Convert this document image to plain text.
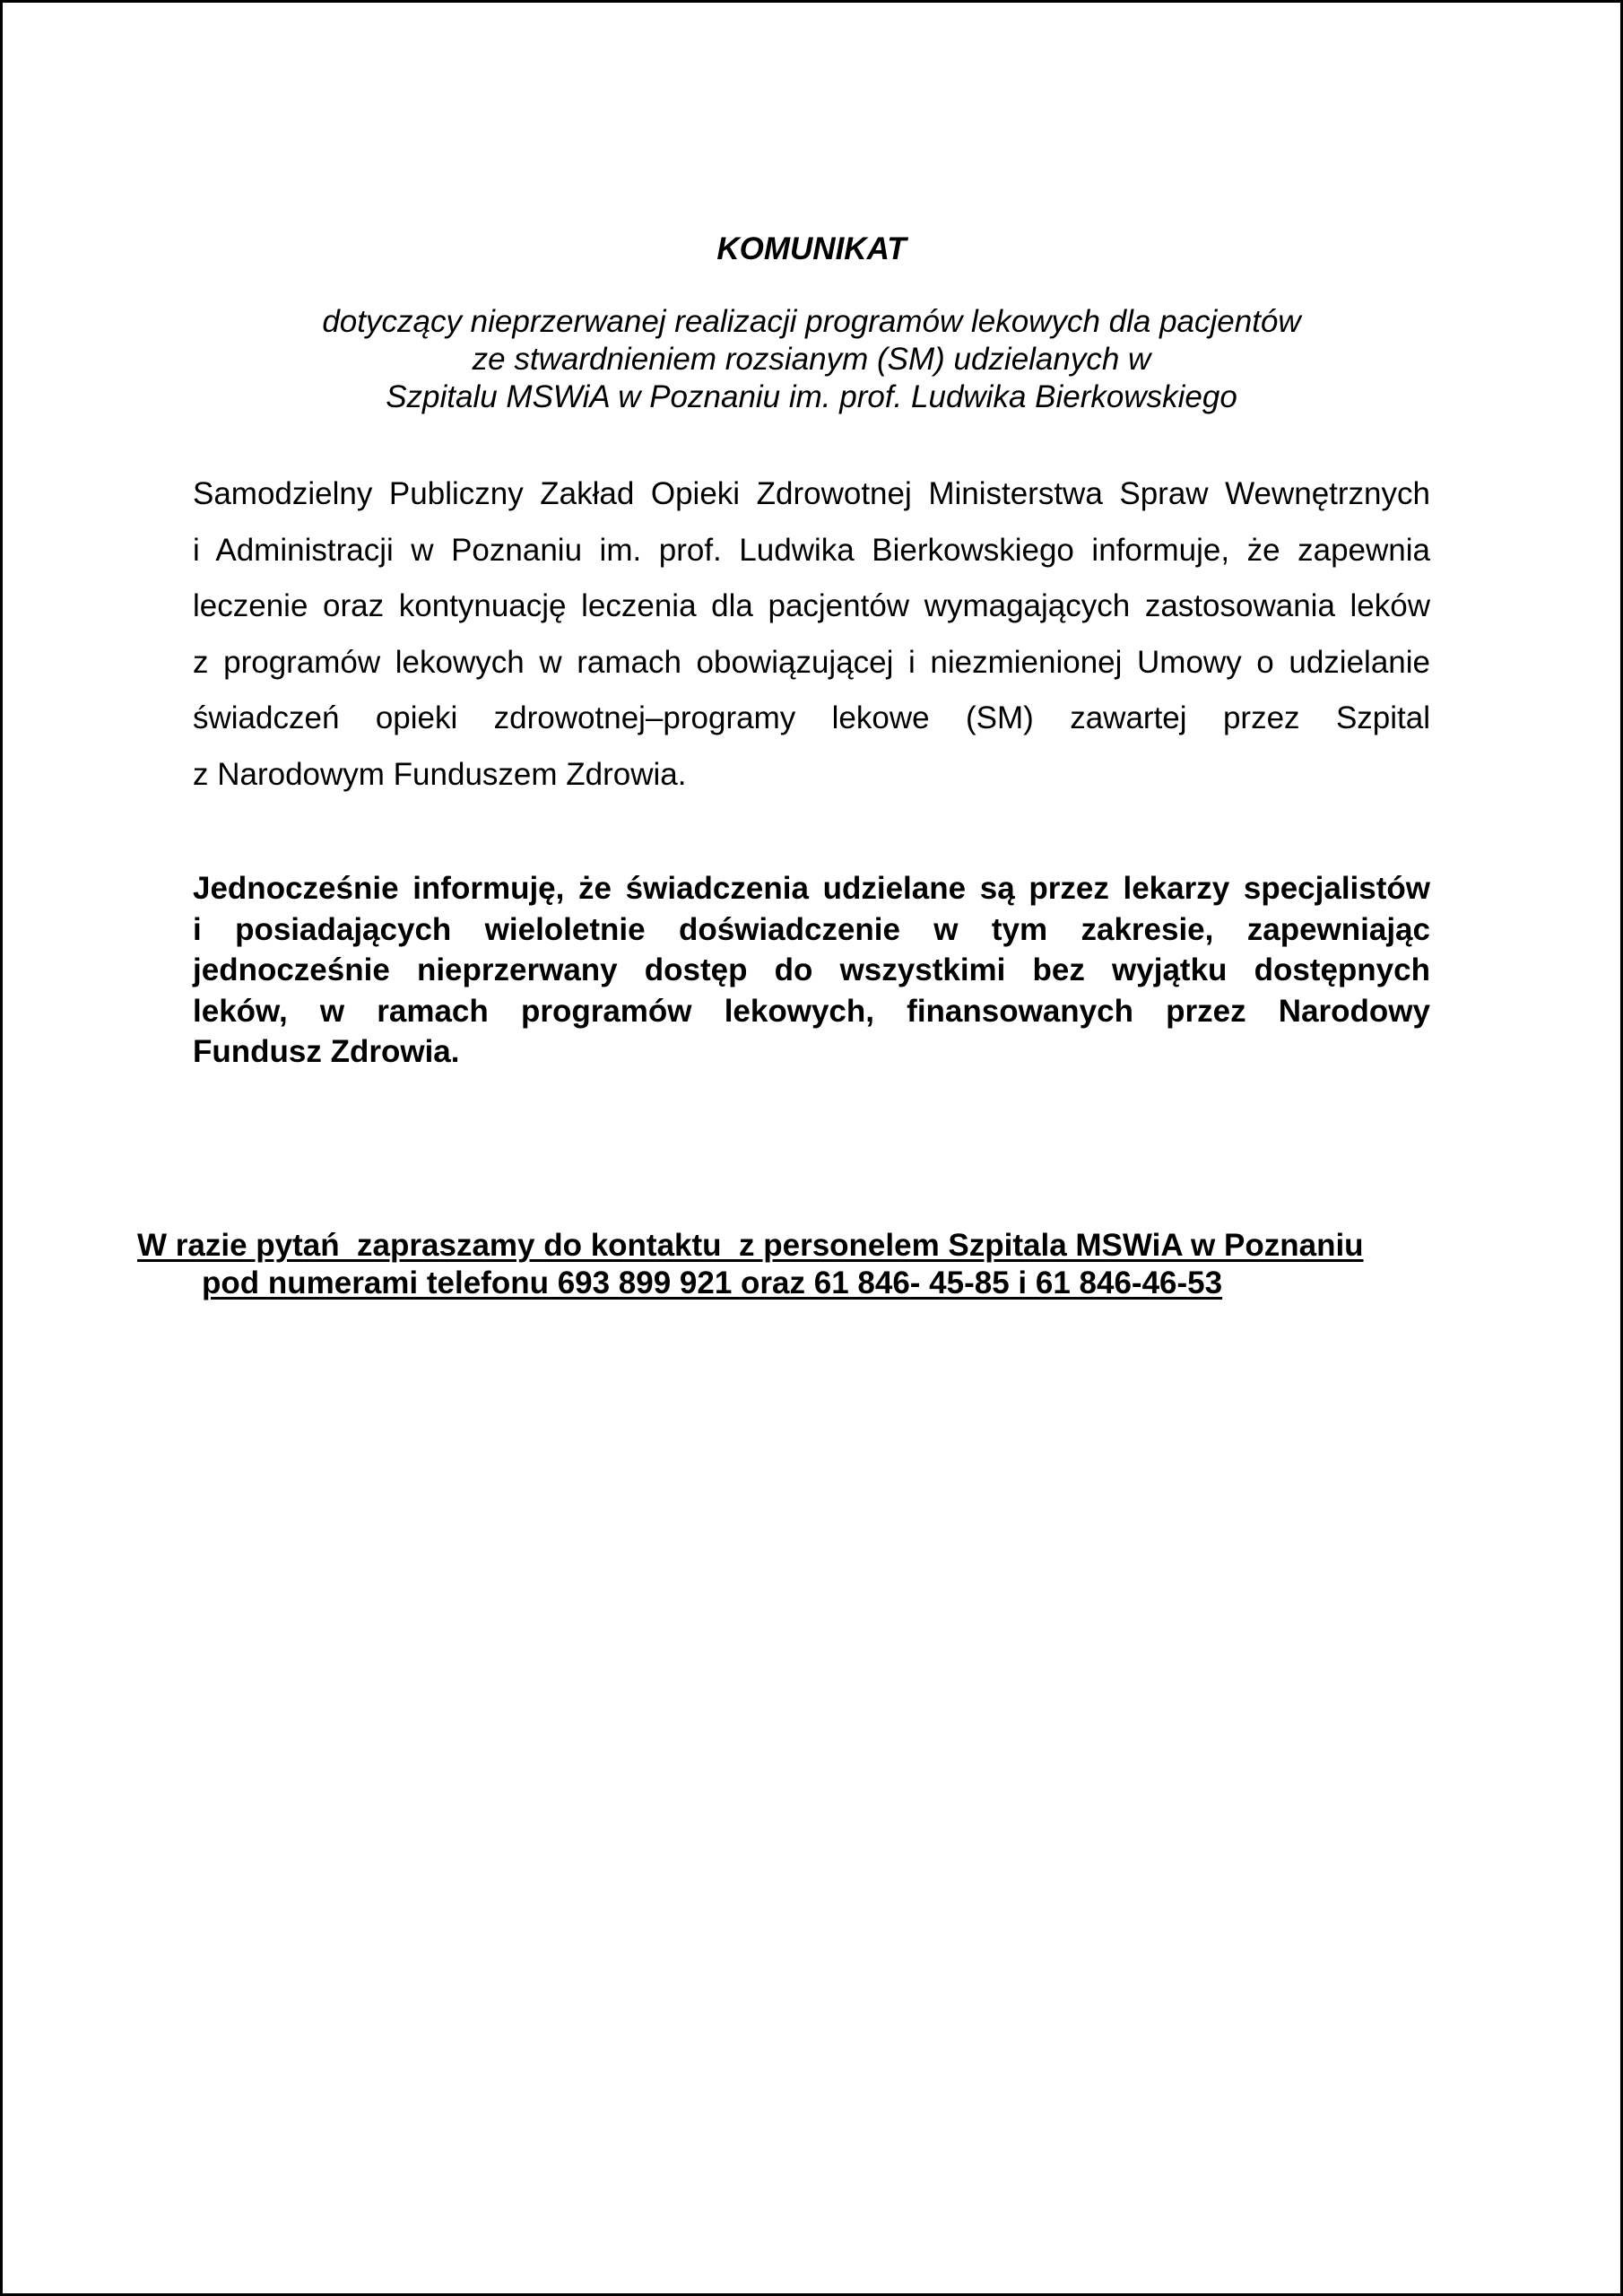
KOMUNIKAT
dotyczący nieprzerwanej realizacji programów lekowych dla pacjentów
ze stwardnieniem rozsianym (SM) udzielanych w
Szpitalu MSWiA w Poznaniu im. prof. Ludwika Bierkowskiego
Samodzielny Publiczny Zakład Opieki Zdrowotnej Ministerstwa Spraw Wewnętrznych
i Administracji w Poznaniu im. prof. Ludwika Bierkowskiego informuje, że zapewnia
leczenie oraz kontynuację leczenia dla pacjentów wymagających zastosowania leków
z programów lekowych w ramach obowiązującej i niezmienionej Umowy o udzielanie
świadczeń opieki zdrowotnej–programy lekowe (SM) zawartej przez Szpital
z Narodowym Funduszem Zdrowia.
Jednocześnie informuję, że świadczenia udzielane są przez lekarzy specjalistów
i posiadających wieloletnie doświadczenie w tym zakresie, zapewniając
jednocześnie nieprzerwany dostęp do wszystkimi bez wyjątku dostępnych
leków, w ramach programów lekowych, finansowanych przez Narodowy
Fundusz Zdrowia.
W razie pytań  zapraszamy do kontaktu  z personelem Szpitala MSWiA w Poznaniu
pod numerami telefonu 693 899 921 oraz 61 846- 45-85 i 61 846-46-53
